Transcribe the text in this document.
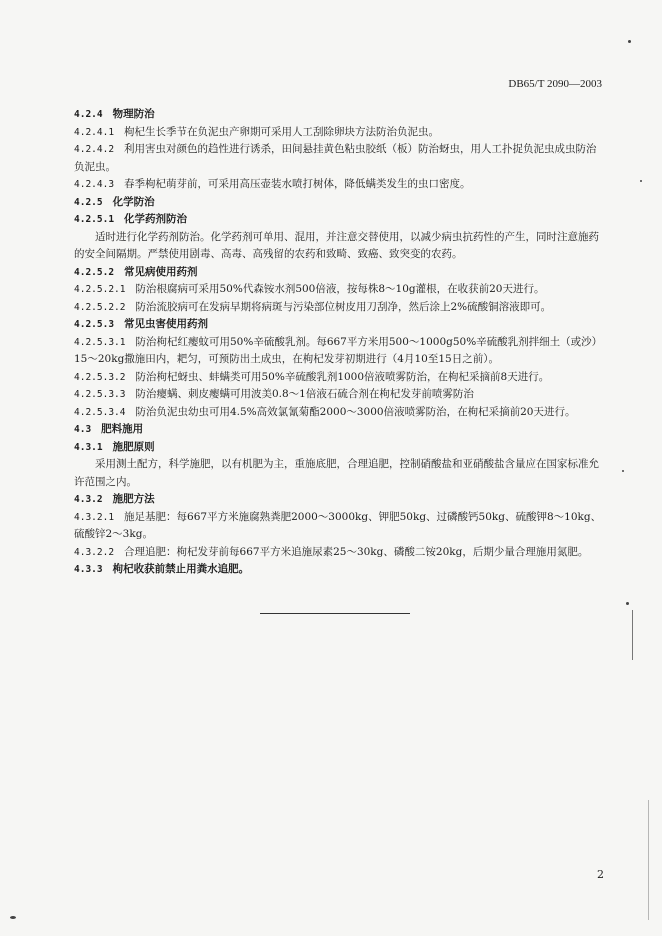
DB65/T 2090—2003
4.2.4 物理防治
4.2.4.1 枸杞生长季节在负泥虫产卵期可采用人工刮除卵块方法防治负泥虫。
4.2.4.2 利用害虫对颜色的趋性进行诱杀，田间悬挂黄色粘虫胶纸（板）防治蚜虫，用人工扑捉负泥虫成虫防治负泥虫。
4.2.4.3 春季枸杞萌芽前，可采用高压壶装水喷打树体，降低螨类发生的虫口密度。
4.2.5 化学防治
4.2.5.1 化学药剂防治
适时进行化学药剂防治。化学药剂可单用、混用，并注意交替使用，以减少病虫抗药性的产生，同时注意施药的安全间隔期。严禁使用剧毒、高毒、高残留的农药和致畸、致癌、致突变的农药。
4.2.5.2 常见病使用药剂
4.2.5.2.1 防治根腐病可采用50%代森铵水剂500倍液，按每株8～10g灌根，在收获前20天进行。
4.2.5.2.2 防治流胶病可在发病早期将病斑与污染部位树皮用刀刮净，然后涂上2%硫酸铜溶液即可。
4.2.5.3 常见虫害使用药剂
4.2.5.3.1 防治枸杞红瘿蚊可用50%辛硫酸乳剂。每667平方米用500～1000g50%辛硫酸乳剂拌细土（或沙）15～20kg撒施田内，耙匀，可预防出土成虫，在枸杞发芽初期进行（4月10至15日之前）。
4.2.5.3.2 防治枸杞蚜虫、蚌螨类可用50%辛硫酸乳剂1000倍液喷雾防治，在枸杞采摘前8天进行。
4.2.5.3.3 防治瘿螨、刺皮瘿螨可用波美0.8～1倍液石硫合剂在枸杞发芽前喷雾防治
4.2.5.3.4 防治负泥虫幼虫可用4.5%高效氯氰菊酯2000～3000倍液喷雾防治，在枸杞采摘前20天进行。
4.3 肥料施用
4.3.1 施肥原则
采用测土配方，科学施肥，以有机肥为主，重施底肥，合理追肥，控制硝酸盐和亚硝酸盐含量应在国家标准允许范围之内。
4.3.2 施肥方法
4.3.2.1 施足基肥：每667平方米施腐熟粪肥2000～3000kg、钾肥50kg、过磷酸钙50kg、硫酸钾8～10kg、硫酸锌2～3kg。
4.3.2.2 合理追肥：枸杞发芽前每667平方米追施尿素25～30kg、磷酸二铵20kg，后期少量合理施用氮肥。
4.3.3 枸杞收获前禁止用粪水追肥。
2
